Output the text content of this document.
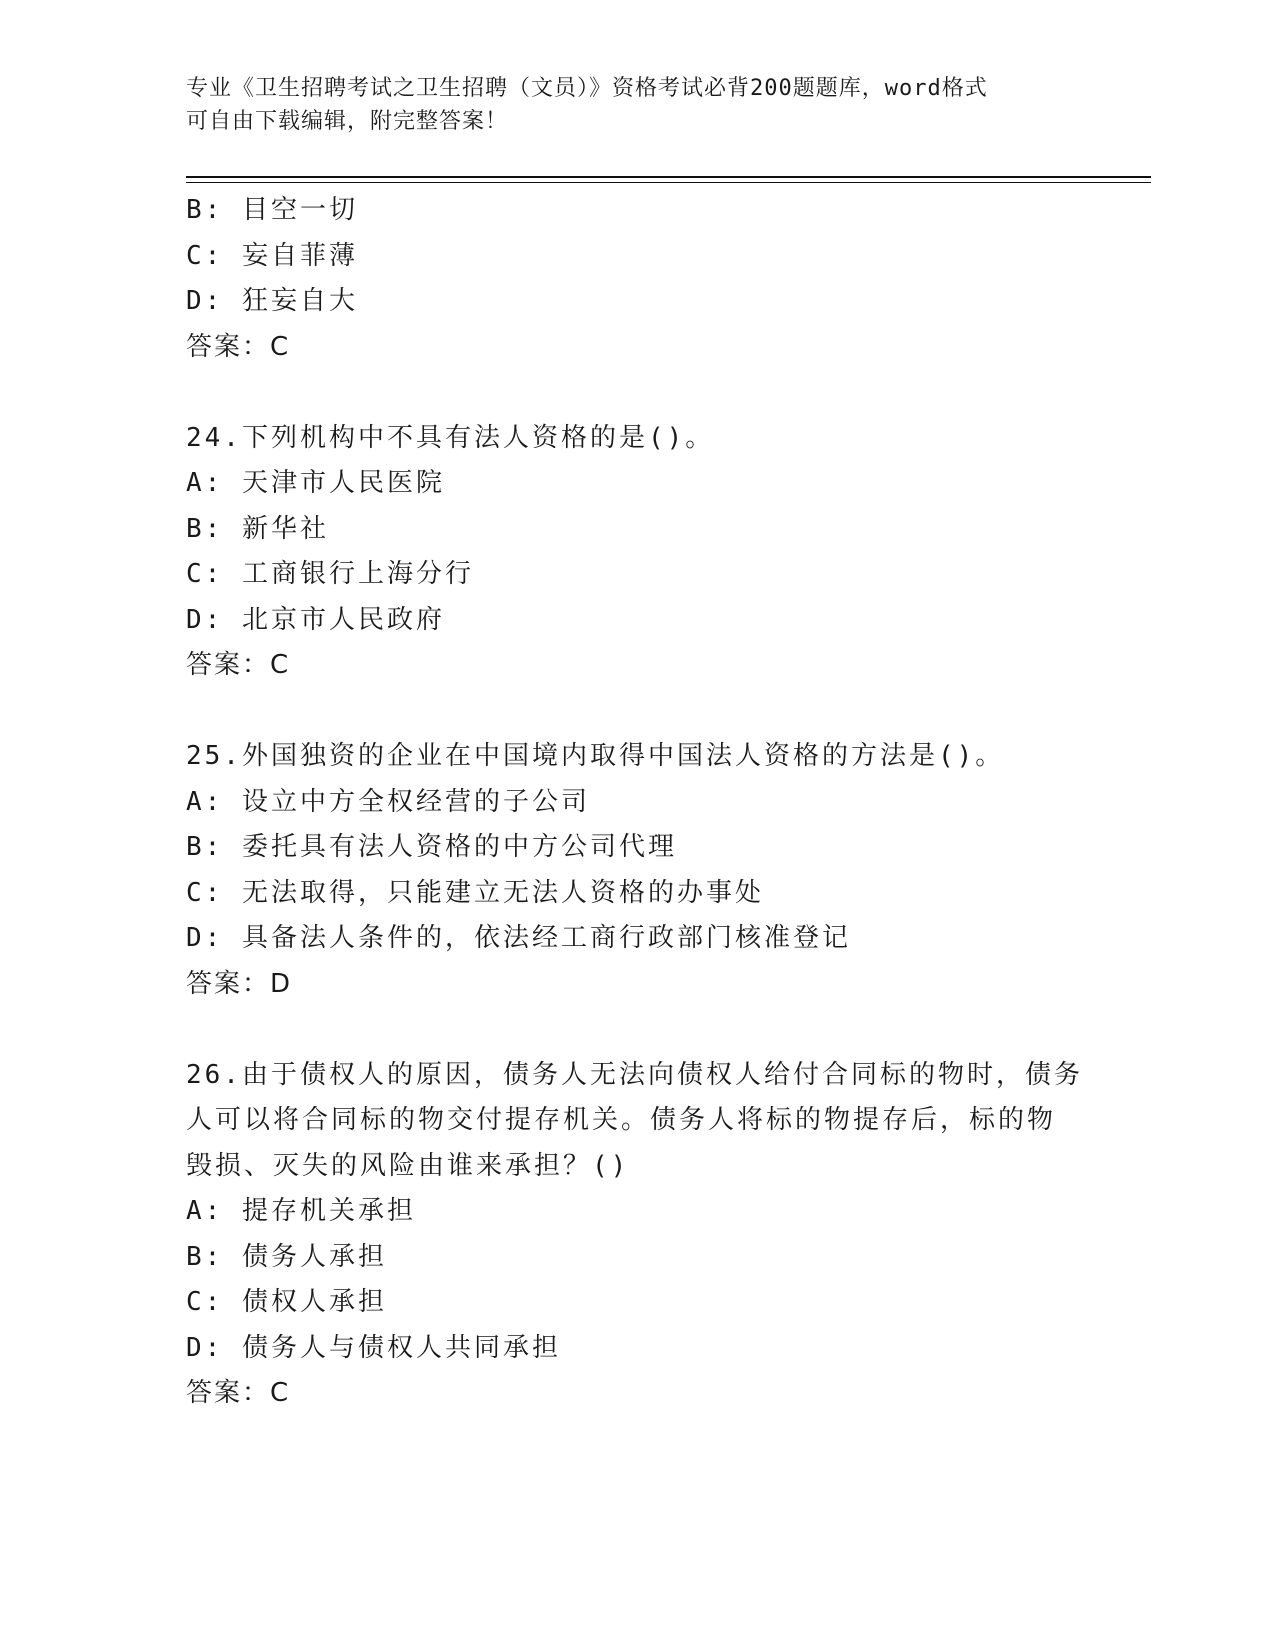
专业《卫生招聘考试之卫生招聘（文员）》资格考试必背200题题库，word格式
可自由下载编辑，附完整答案！

B: 目空一切

C: 妄自菲薄

D: 狂妄自大

答案：C

24.下列机构中不具有法人资格的是()。

A: 天津市人民医院

B: 新华社

C: 工商银行上海分行

D: 北京市人民政府

答案：C

25.外国独资的企业在中国境内取得中国法人资格的方法是()。

A: 设立中方全权经营的子公司

B: 委托具有法人资格的中方公司代理

C: 无法取得，只能建立无法人资格的办事处

D: 具备法人条件的，依法经工商行政部门核准登记

答案：D

26.由于债权人的原因，债务人无法向债权人给付合同标的物时，债务

人可以将合同标的物交付提存机关。债务人将标的物提存后，标的物

毁损、灭失的风险由谁来承担？()

A: 提存机关承担

B: 债务人承担

C: 债权人承担

D: 债务人与债权人共同承担

答案：C
